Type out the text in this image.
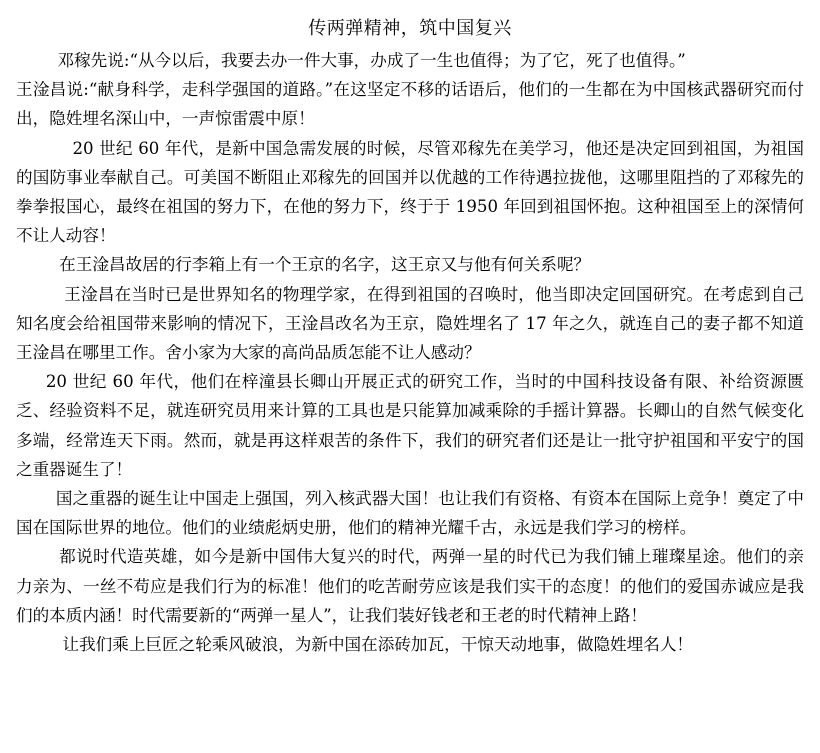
传两弹精神，筑中国复兴

邓稼先说:“从今以后，我要去办一件大事，办成了一生也值得；为了它，死了也值得。”

王淦昌说:“献身科学，走科学强国的道路。”在这坚定不移的话语后，他们的一生都在为中国核武器研究而付出，隐姓埋名深山中，一声惊雷震中原！

20 世纪 60 年代，是新中国急需发展的时候，尽管邓稼先在美学习，他还是决定回到祖国，为祖国的国防事业奉献自己。可美国不断阻止邓稼先的回国并以优越的工作待遇拉拢他，这哪里阻挡的了邓稼先的拳拳报国心，最终在祖国的努力下，在他的努力下，终于于 1950 年回到祖国怀抱。这种祖国至上的深情何不让人动容！

在王淦昌故居的行李箱上有一个王京的名字，这王京又与他有何关系呢？

王淦昌在当时已是世界知名的物理学家，在得到祖国的召唤时，他当即决定回国研究。在考虑到自己知名度会给祖国带来影响的情况下，王淦昌改名为王京，隐姓埋名了 17 年之久，就连自己的妻子都不知道王淦昌在哪里工作。舍小家为大家的高尚品质怎能不让人感动？

20 世纪 60 年代，他们在梓潼县长卿山开展正式的研究工作，当时的中国科技设备有限、补给资源匮乏、经验资料不足，就连研究员用来计算的工具也是只能算加减乘除的手摇计算器。长卿山的自然气候变化多端，经常连天下雨。然而，就是再这样艰苦的条件下，我们的研究者们还是让一批守护祖国和平安宁的国之重器诞生了！

国之重器的诞生让中国走上强国，列入核武器大国！也让我们有资格、有资本在国际上竞争！奠定了中国在国际世界的地位。他们的业绩彪炳史册，他们的精神光耀千古，永远是我们学习的榜样。

都说时代造英雄，如今是新中国伟大复兴的时代，两弹一星的时代已为我们铺上璀璨星途。他们的亲力亲为、一丝不苟应是我们行为的标准！他们的吃苦耐劳应该是我们实干的态度！的他们的爱国赤诚应是我们的本质内涵！时代需要新的“两弹一星人”，让我们装好钱老和王老的时代精神上路！

让我们乘上巨匠之轮乘风破浪，为新中国在添砖加瓦，干惊天动地事，做隐姓埋名人！
